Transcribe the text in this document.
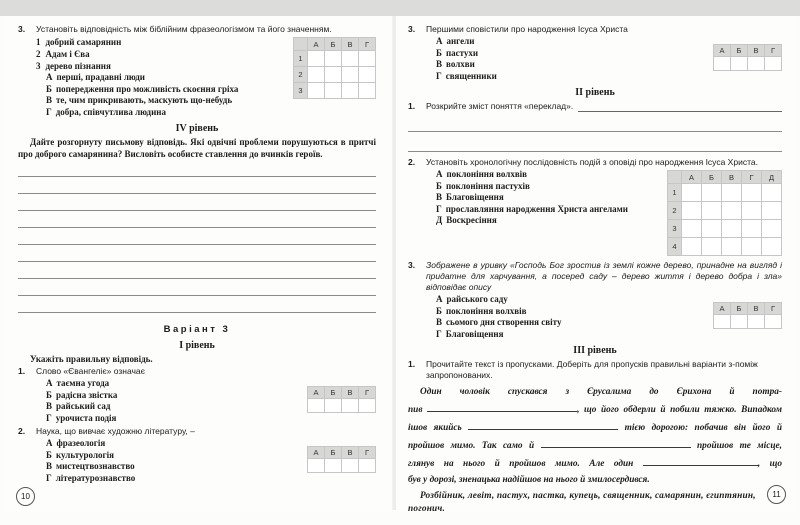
3.	Установіть відповідність між біблійним фразеологізмом та його значенням.
1 добрий самарянин
2 Адам і Єва
3 дерево пізнання
А перші, прадавні люди
Б попередження про можливість скоєння гріха
В те, чим прикривають, маскують що-небудь
Г добра, співчутлива людина
А	Б	В	Г
1
2
3
IV рівень
Дайте розгорнуту письмову відповідь. Які одвічні проблеми порушуються в притчі про доброго самарянина? Висловіть особисте ставлення до вчинків героїв.
Варіант 3
І рівень
Укажіть правильну відповідь.
1.	Слово «Євангеліє» означає
А таємна угода
Б радісна звістка
В райський сад
Г урочиста подія
А	Б	В	Г
2.	Наука, що вивчає художню літературу, –
А фразеологія
Б культурологія
В мистецтвознавство
Г літературознавство
А	Б	В	Г
10
3.	Першими сповістили про народження Ісуса Христа
А ангели
Б пастухи
В волхви
Г священники
А	Б	В	Г
ІІ рівень
1.	Розкрийте зміст поняття «переклад».
2.	Установіть хронологічну послідовність подій з оповіді про народження Ісуса Христа.
А поклоніння волхвів
Б поклоніння пастухів
В Благовіщення
Г прославляння народження Христа ангелами
Д Воскресіння
А	Б	В	Г	Д
1
2
3
4
3.	Зображене в уривку «Господь Бог зростив із землі кожне дерево, принадне на вигляд і придатне для харчування, а посеред саду – дерево життя і дерево добра і зла» відповідає опису
А райського саду
Б поклоніння волхвів
В сьомого дня створення світу
Г Благовіщення
А	Б	В	Г
ІІІ рівень
1.	Прочитайте текст із пропусками. Доберіть для пропусків правильні варіанти з-поміж запропонованих.
Один чоловік спускався з Єрусалима до Єрихона й потра-
пив	, що його обдерли й побили тяжко. Випадком
ішов якийсь	тією дорогою: побачив він його й
пройшов мимо. Так само й	пройшов те місце,
глянув на нього й пройшов мимо. Але один	, що
був у дорозі, зненацька надійшов на нього й змилосердився.
Розбійник, левіт, пастух, пастка, купець, священник, самарянин, єгиптянин, погонич.
11
